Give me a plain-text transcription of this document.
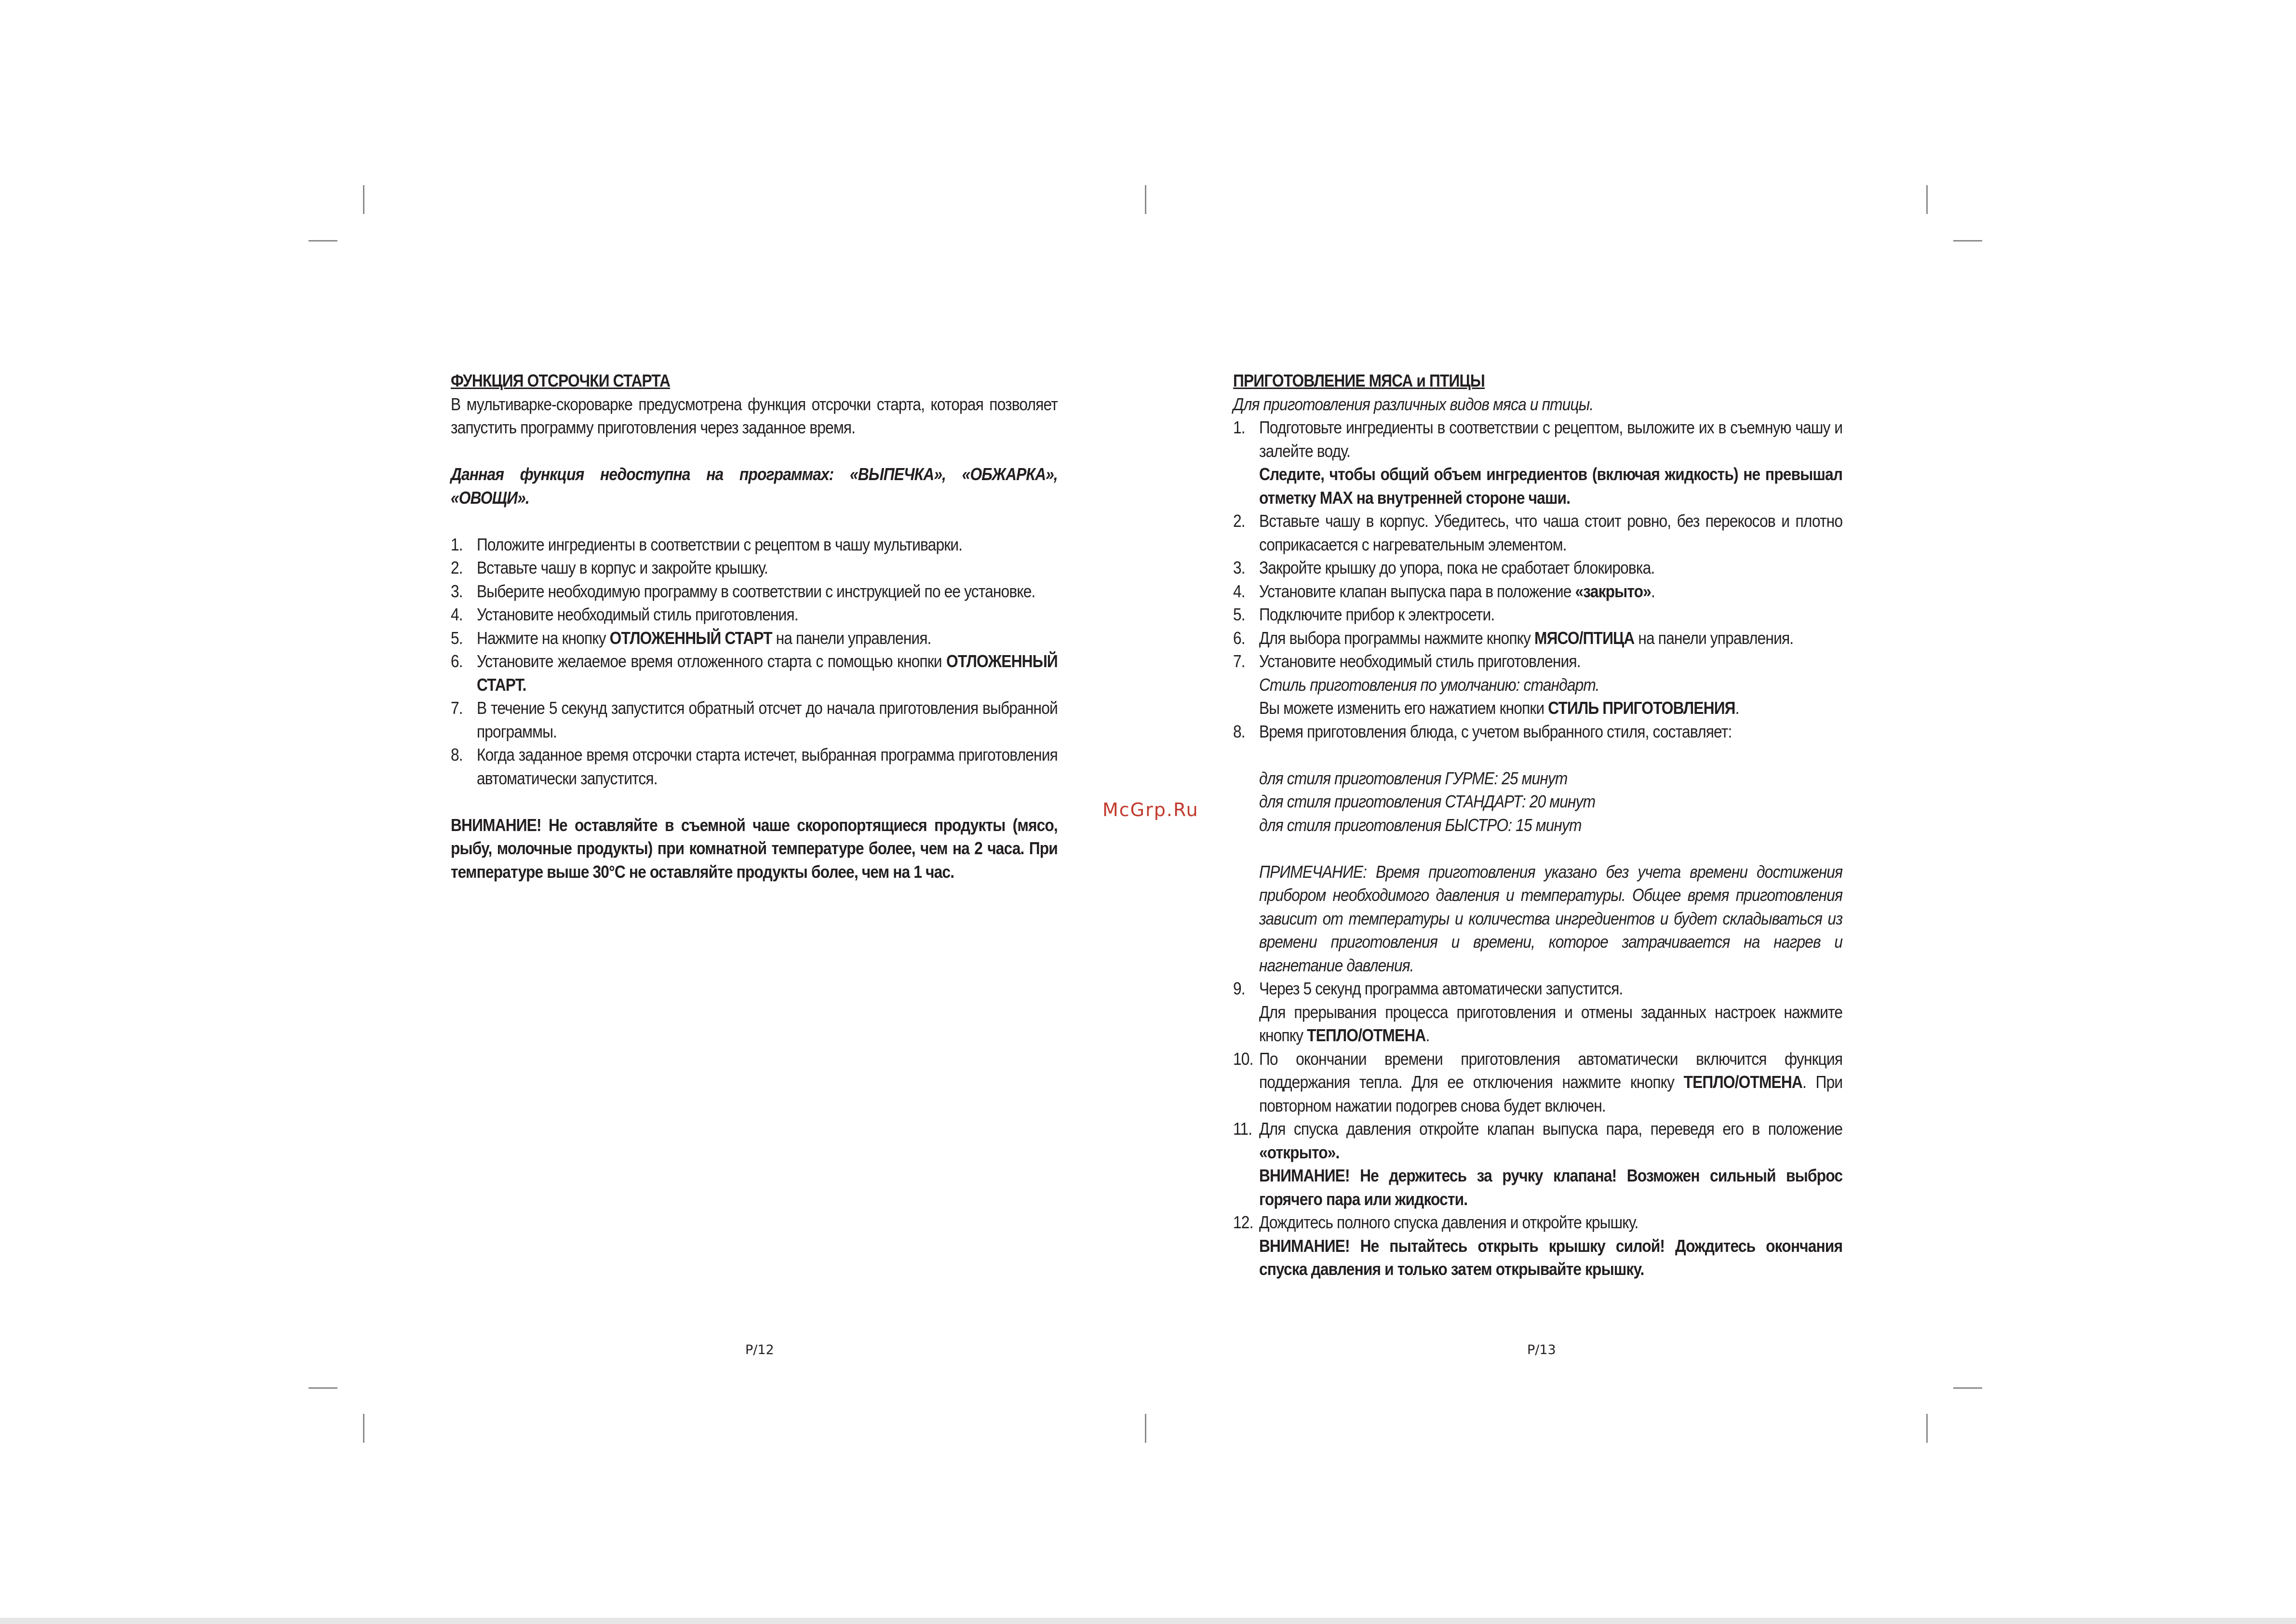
ФУНКЦИЯ ОТСРОЧКИ СТАРТА

В мультиварке-скороварке предусмотрена функция отсрочки старта, которая позволяет запустить программу приготовления через заданное время.

Данная функция недоступна на программах: «ВЫПЕЧКА», «ОБЖАРКА», «ОВОЩИ».

1. Положите ингредиенты в соответствии с рецептом в чашу мультиварки.
2. Вставьте чашу в корпус и закройте крышку.
3. Выберите необходимую программу в соответствии с инструкцией по ее установке.
4. Установите необходимый стиль приготовления.
5. Нажмите на кнопку ОТЛОЖЕННЫЙ СТАРТ на панели управления.
6. Установите желаемое время отложенного старта с помощью кнопки ОТЛОЖЕННЫЙ СТАРТ.
7. В течение 5 секунд запустится обратный отсчет до начала приготовления выбранной программы.
8. Когда заданное время отсрочки старта истечет, выбранная программа приготовления автоматически запустится.

ВНИМАНИЕ! Не оставляйте в съемной чаше скоропортящиеся продукты (мясо, рыбу, молочные продукты) при комнатной температуре более, чем на 2 часа. При температуре выше 30°C не оставляйте продукты более, чем на 1 час.

ПРИГОТОВЛЕНИЕ МЯСА и ПТИЦЫ

Для приготовления различных видов мяса и птицы.

1. Подготовьте ингредиенты в соответствии с рецептом, выложите их в съемную чашу и залейте воду.
Следите, чтобы общий объем ингредиентов (включая жидкость) не превышал отметку MAX на внутренней стороне чаши.
2. Вставьте чашу в корпус. Убедитесь, что чаша стоит ровно, без перекосов и плотно соприкасается с нагревательным элементом.
3. Закройте крышку до упора, пока не сработает блокировка.
4. Установите клапан выпуска пара в положение «закрыто».
5. Подключите прибор к электросети.
6. Для выбора программы нажмите кнопку МЯСО/ПТИЦА на панели управления.
7. Установите необходимый стиль приготовления.
Стиль приготовления по умолчанию: стандарт.
Вы можете изменить его нажатием кнопки СТИЛЬ ПРИГОТОВЛЕНИЯ.
8. Время приготовления блюда, с учетом выбранного стиля, составляет:
для стиля приготовления ГУРМЕ: 25 минут
для стиля приготовления СТАНДАРТ: 20 минут
для стиля приготовления БЫСТРО: 15 минут
ПРИМЕЧАНИЕ: Время приготовления указано без учета времени достижения прибором необходимого давления и температуры. Общее время приготовления зависит от температуры и количества ингредиентов и будет складываться из времени приготовления и времени, которое затрачивается на нагрев и нагнетание давления.
9. Через 5 секунд программа автоматически запустится.
Для прерывания процесса приготовления и отмены заданных настроек нажмите кнопку ТЕПЛО/ОТМЕНА.
10. По окончании времени приготовления автоматически включится функция поддержания тепла. Для ее отключения нажмите кнопку ТЕПЛО/ОТМЕНА. При повторном нажатии подогрев снова будет включен.
11. Для спуска давления откройте клапан выпуска пара, переведя его в положение «открыто».
ВНИМАНИЕ! Не держитесь за ручку клапана! Возможен сильный выброс горячего пара или жидкости.
12. Дождитесь полного спуска давления и откройте крышку.
ВНИМАНИЕ! Не пытайтесь открыть крышку силой! Дождитесь окончания спуска давления и только затем открывайте крышку.
McGrp.Ru
P/12	P/13
